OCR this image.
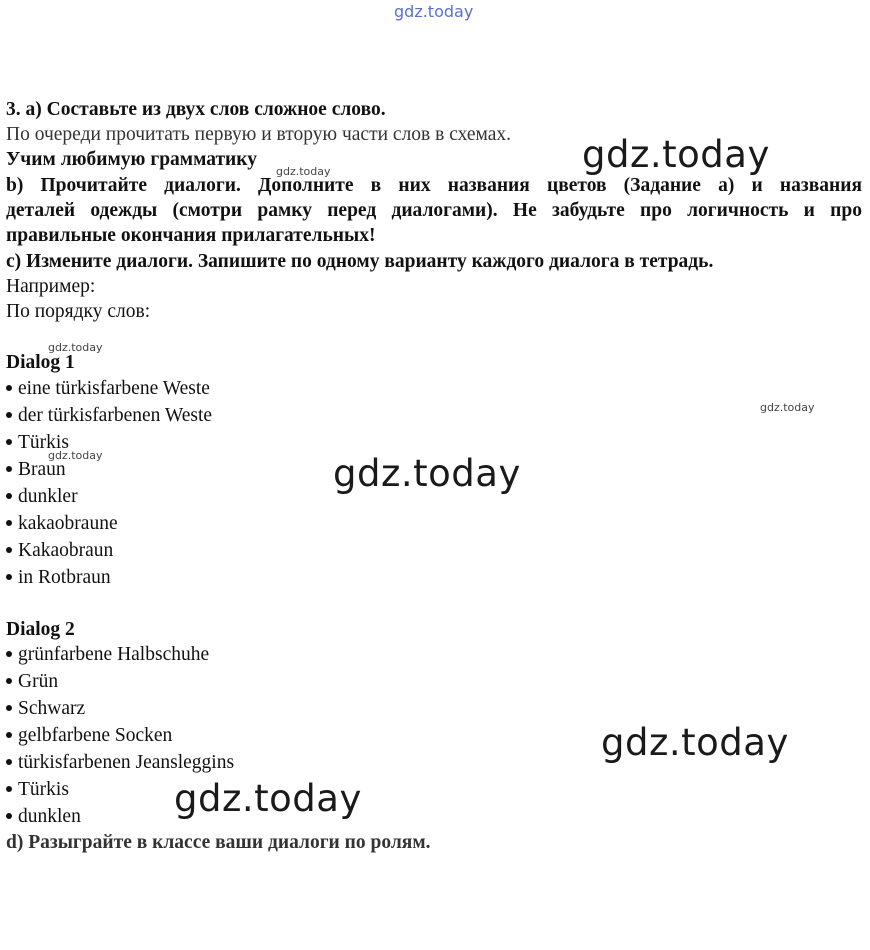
gdz.today
3. а) Составьте из двух слов сложное слово.
По очереди прочитать первую и вторую части слов в схемах.
Учим любимую грамматику
b) Прочитайте диалоги. Дополните в них названия цветов (Задание а) и названия
деталей одежды (смотри рамку перед диалогами). Не забудьте про логичность и про
правильные окончания прилагательных!
c) Измените диалоги. Запишите по одному варианту каждого диалога в тетрадь.
Например:
По порядку слов:
Dialog 1
eine türkisfarbene Weste
der türkisfarbenen Weste
Türkis
Braun
dunkler
kakaobraune
Kakaobraun
in Rotbraun
Dialog 2
grünfarbene Halbschuhe
Grün
Schwarz
gelbfarbene Socken
türkisfarbenen Jeansleggins
Türkis
dunklen
d) Разыграйте в классе ваши диалоги по ролям.
gdz.today
gdz.today
gdz.today
gdz.today
gdz.today	gdz.today
gdz.today
gdz.today
